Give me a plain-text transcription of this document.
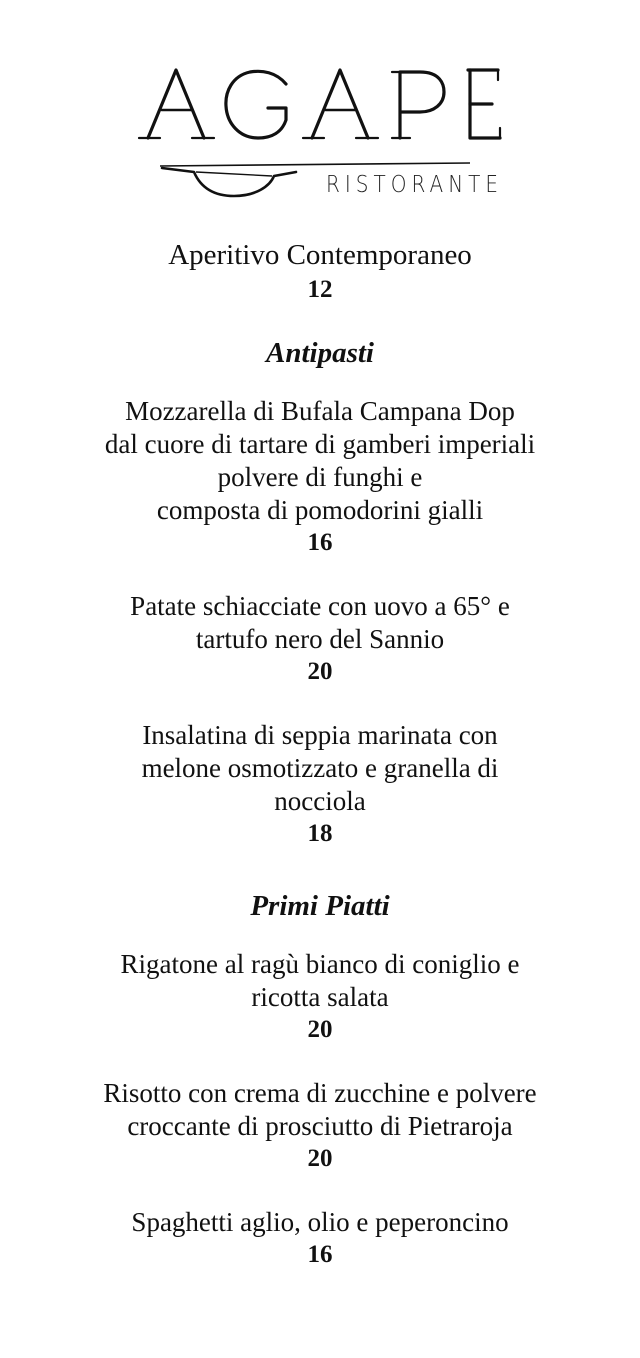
RISTORANTE

Aperitivo Contemporaneo

12

Antipasti

Mozzarella di Bufala Campana Dop

dal cuore di tartare di gamberi imperiali

polvere di funghi e

composta di pomodorini gialli

16

Patate schiacciate con uovo a 65° e

tartufo nero del Sannio

20

Insalatina di seppia marinata con

melone osmotizzato e granella di

nocciola

18

Primi Piatti

Rigatone al ragù bianco di coniglio e

ricotta salata

20

Risotto con crema di zucchine e polvere

croccante di prosciutto di Pietraroja

20

Spaghetti aglio, olio e peperoncino

16
